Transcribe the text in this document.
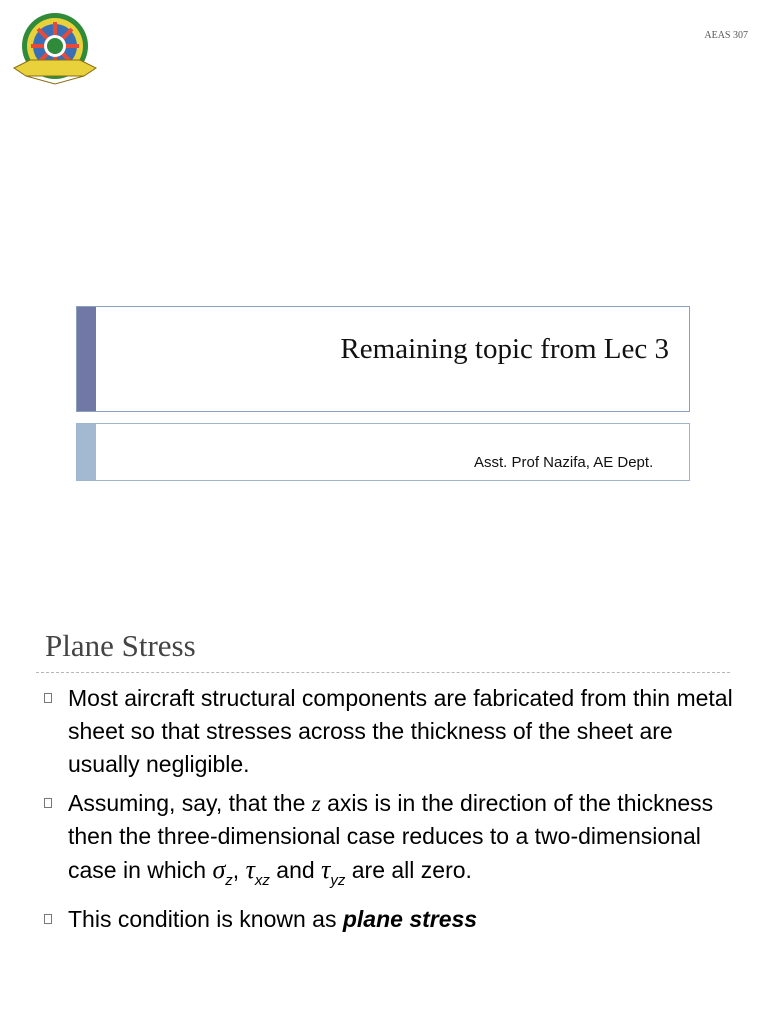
AEAS 307
Remaining topic from Lec 3
Asst. Prof Nazifa, AE Dept.
Plane Stress
Most aircraft structural components are fabricated from thin metal sheet so that stresses across the thickness of the sheet are usually negligible.
Assuming, say, that the z axis is in the direction of the thickness then the three-dimensional case reduces to a two-dimensional case in which $\sigma_z$, $\tau_{xz}$ and $\tau_{yz}$ are all zero.
This condition is known as plane stress
